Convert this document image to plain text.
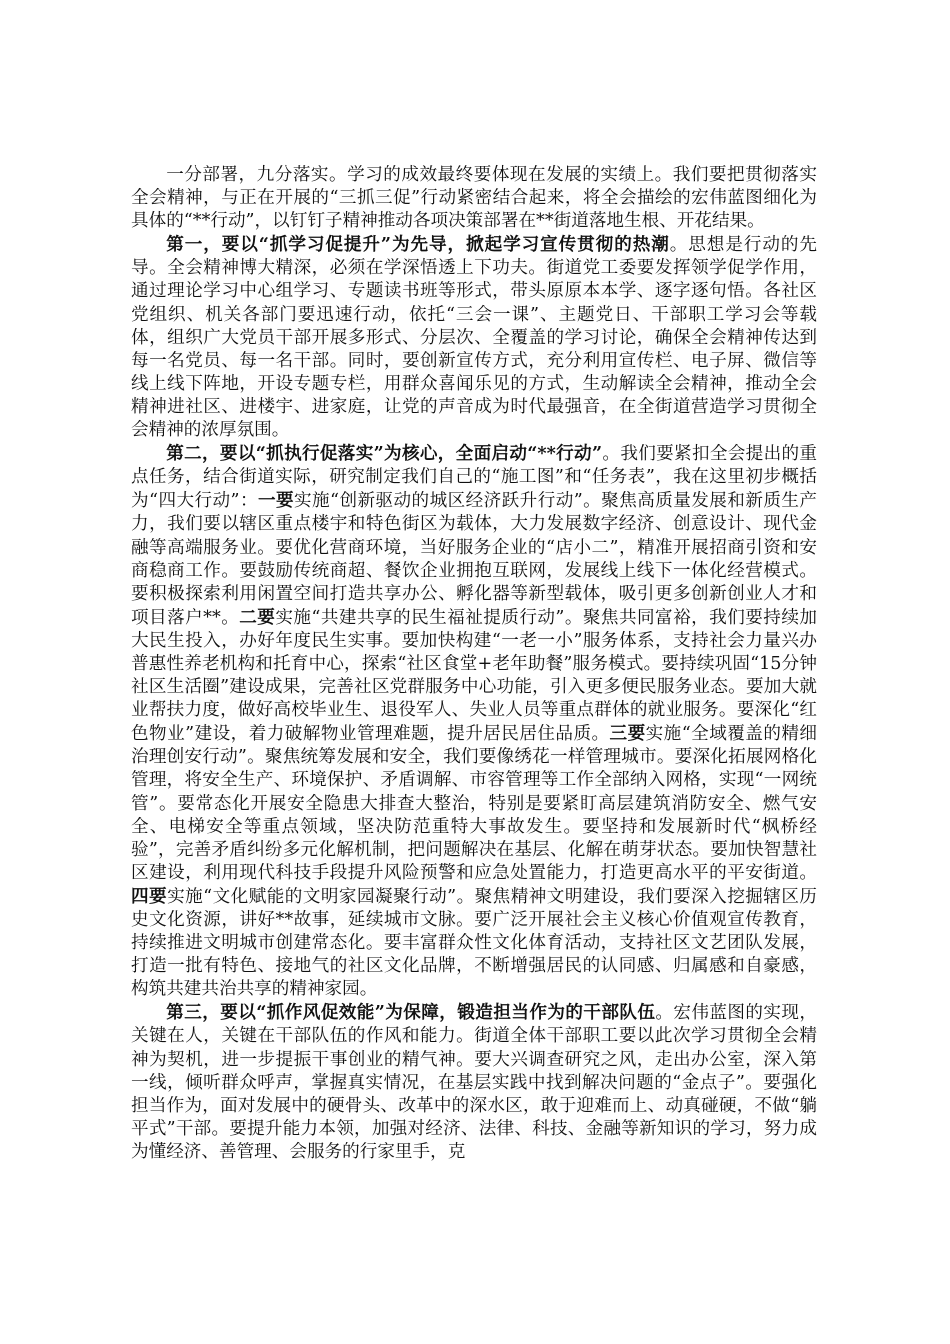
一分部署，九分落实。学习的成效最终要体现在发展的实绩上。我们要把贯彻落实全会精神，与正在开展的“三抓三促”行动紧密结合起来，将全会描绘的宏伟蓝图细化为具体的“**行动”，以钉钉子精神推动各项决策部署在**街道落地生根、开花结果。

第一，要以“抓学习促提升”为先导，掀起学习宣传贯彻的热潮。思想是行动的先导。全会精神博大精深，必须在学深悟透上下功夫。街道党工委要发挥领学促学作用，通过理论学习中心组学习、专题读书班等形式，带头原原本本学、逐字逐句悟。各社区党组织、机关各部门要迅速行动，依托“三会一课”、主题党日、干部职工学习会等载体，组织广大党员干部开展多形式、分层次、全覆盖的学习讨论，确保全会精神传达到每一名党员、每一名干部。同时，要创新宣传方式，充分利用宣传栏、电子屏、微信等线上线下阵地，开设专题专栏，用群众喜闻乐见的方式，生动解读全会精神，推动全会精神进社区、进楼宇、进家庭，让党的声音成为时代最强音，在全街道营造学习贯彻全会精神的浓厚氛围。

第二，要以“抓执行促落实”为核心，全面启动“**行动”。我们要紧扣全会提出的重点任务，结合街道实际，研究制定我们自己的“施工图”和“任务表”，我在这里初步概括为“四大行动”：一要实施“创新驱动的城区经济跃升行动”。聚焦高质量发展和新质生产力，我们要以辖区重点楼宇和特色街区为载体，大力发展数字经济、创意设计、现代金融等高端服务业。要优化营商环境，当好服务企业的“店小二”，精准开展招商引资和安商稳商工作。要鼓励传统商超、餐饮企业拥抱互联网，发展线上线下一体化经营模式。要积极探索利用闲置空间打造共享办公、孵化器等新型载体，吸引更多创新创业人才和项目落户**。二要实施“共建共享的民生福祉提质行动”。聚焦共同富裕，我们要持续加大民生投入，办好年度民生实事。要加快构建“一老一小”服务体系，支持社会力量兴办普惠性养老机构和托育中心，探索“社区食堂+老年助餐”服务模式。要持续巩固“15分钟社区生活圈”建设成果，完善社区党群服务中心功能，引入更多便民服务业态。要加大就业帮扶力度，做好高校毕业生、退役军人、失业人员等重点群体的就业服务。要深化“红色物业”建设，着力破解物业管理难题，提升居民居住品质。三要实施“全域覆盖的精细治理创安行动”。聚焦统筹发展和安全，我们要像绣花一样管理城市。要深化拓展网格化管理，将安全生产、环境保护、矛盾调解、市容管理等工作全部纳入网格，实现“一网统管”。要常态化开展安全隐患大排查大整治，特别是要紧盯高层建筑消防安全、燃气安全、电梯安全等重点领域，坚决防范重特大事故发生。要坚持和发展新时代“枫桥经验”，完善矛盾纠纷多元化解机制，把问题解决在基层、化解在萌芽状态。要加快智慧社区建设，利用现代科技手段提升风险预警和应急处置能力，打造更高水平的平安街道。四要实施“文化赋能的文明家园凝聚行动”。聚焦精神文明建设，我们要深入挖掘辖区历史文化资源，讲好**故事，延续城市文脉。要广泛开展社会主义核心价值观宣传教育，持续推进文明城市创建常态化。要丰富群众性文化体育活动，支持社区文艺团队发展，打造一批有特色、接地气的社区文化品牌，不断增强居民的认同感、归属感和自豪感，构筑共建共治共享的精神家园。

第三，要以“抓作风促效能”为保障，锻造担当作为的干部队伍。宏伟蓝图的实现，关键在人，关键在干部队伍的作风和能力。街道全体干部职工要以此次学习贯彻全会精神为契机，进一步提振干事创业的精气神。要大兴调查研究之风，走出办公室，深入第一线，倾听群众呼声，掌握真实情况，在基层实践中找到解决问题的“金点子”。要强化担当作为，面对发展中的硬骨头、改革中的深水区，敢于迎难而上、动真碰硬，不做“躺平式”干部。要提升能力本领，加强对经济、法律、科技、金融等新知识的学习，努力成为懂经济、善管理、会服务的行家里手，克
